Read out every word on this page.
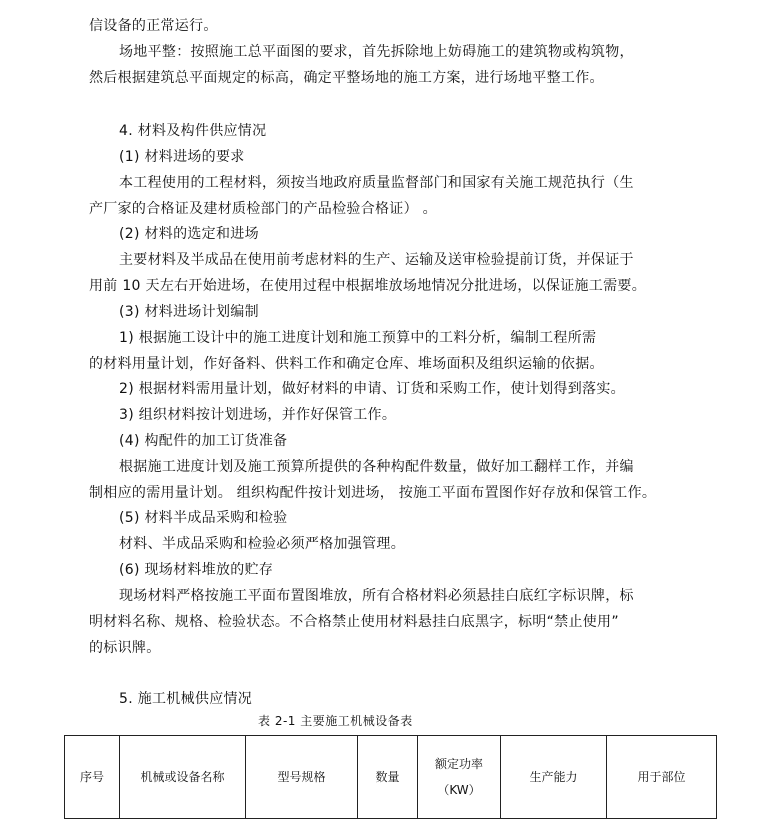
信设备的正常运行。
场地平整：按照施工总平面图的要求，首先拆除地上妨碍施工的建筑物或构筑物，
然后根据建筑总平面规定的标高，确定平整场地的施工方案，进行场地平整工作。
4. 材料及构件供应情况
(1) 材料进场的要求
本工程使用的工程材料，须按当地政府质量监督部门和国家有关施工规范执行（生
产厂家的合格证及建材质检部门的产品检验合格证） 。
(2) 材料的选定和进场
主要材料及半成品在使用前考虑材料的生产、运输及送审检验提前订货，并保证于
用前 10 天左右开始进场，在使用过程中根据堆放场地情况分批进场，以保证施工需要。
(3) 材料进场计划编制
1) 根据施工设计中的施工进度计划和施工预算中的工料分析，编制工程所需
的材料用量计划，作好备料、供料工作和确定仓库、堆场面积及组织运输的依据。
2) 根据材料需用量计划，做好材料的申请、订货和采购工作，使计划得到落实。
3) 组织材料按计划进场，并作好保管工作。
(4) 构配件的加工订货准备
根据施工进度计划及施工预算所提供的各种构配件数量，做好加工翻样工作，并编
制相应的需用量计划。 组织构配件按计划进场， 按施工平面布置图作好存放和保管工作。
(5) 材料半成品采购和检验
材料、半成品采购和检验必须严格加强管理。
(6) 现场材料堆放的贮存
现场材料严格按施工平面布置图堆放，所有合格材料必须悬挂白底红字标识牌，标
明材料名称、规格、检验状态。不合格禁止使用材料悬挂白底黑字，标明“禁止使用”
的标识牌。
5. 施工机械供应情况
表 2-1 主要施工机械设备表
序号	机械或设备名称	型号规格	数量	额定功率
（KW）
	生产能力	用于部位
